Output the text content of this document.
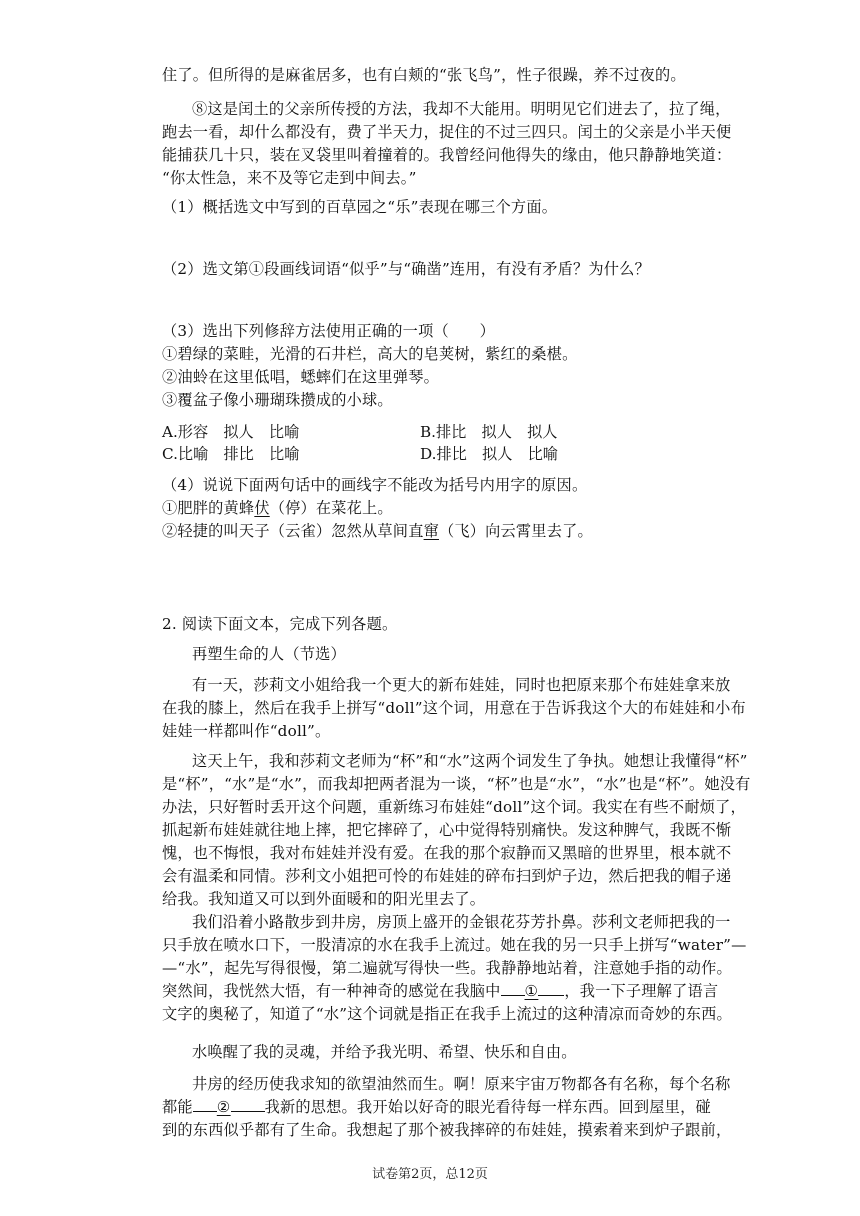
住了。但所得的是麻雀居多，也有白颊的“张飞鸟”，性子很躁，养不过夜的。
⑧这是闰土的父亲所传授的方法，我却不大能用。明明见它们进去了，拉了绳，
跑去一看，却什么都没有，费了半天力，捉住的不过三四只。闰土的父亲是小半天便
能捕获几十只，装在叉袋里叫着撞着的。我曾经问他得失的缘由，他只静静地笑道：
“你太性急，来不及等它走到中间去。”
（1）概括选文中写到的百草园之“乐”表现在哪三个方面。
（2）选文第①段画线词语“似乎”与“确凿”连用，有没有矛盾？为什么？
（3）选出下列修辞方法使用正确的一项（　　）
①碧绿的菜畦，光滑的石井栏，高大的皂荚树，紫红的桑椹。
②油蛉在这里低唱，蟋蟀们在这里弹琴。
③覆盆子像小珊瑚珠攒成的小球。
A.形容　拟人　比喻	B.排比　拟人　拟人
C.比喻　排比　比喻	D.排比　拟人　比喻
（4）说说下面两句话中的画线字不能改为括号内用字的原因。
①肥胖的黄蜂伏（停）在菜花上。
②轻捷的叫天子（云雀）忽然从草间直窜（飞）向云霄里去了。
2. 阅读下面文本，完成下列各题。
再塑生命的人（节选）
有一天，莎莉文小姐给我一个更大的新布娃娃，同时也把原来那个布娃娃拿来放
在我的膝上，然后在我手上拼写“doll”这个词，用意在于告诉我这个大的布娃娃和小布
娃娃一样都叫作“doll”。
这天上午，我和莎莉文老师为“杯”和“水”这两个词发生了争执。她想让我懂得“杯”
是“杯”，“水”是“水”，而我却把两者混为一谈，“杯”也是“水”，“水”也是“杯”。她没有
办法，只好暂时丢开这个问题，重新练习布娃娃“doll”这个词。我实在有些不耐烦了，
抓起新布娃娃就往地上摔，把它摔碎了，心中觉得特别痛快。发这种脾气，我既不惭
愧，也不悔恨，我对布娃娃并没有爱。在我的那个寂静而又黑暗的世界里，根本就不
会有温柔和同情。莎利文小姐把可怜的布娃娃的碎布扫到炉子边，然后把我的帽子递
给我。我知道又可以到外面暖和的阳光里去了。
我们沿着小路散步到井房，房顶上盛开的金银花芬芳扑鼻。莎利文老师把我的一
只手放在喷水口下，一股清凉的水在我手上流过。她在我的另一只手上拼写“water”—
—“水”，起先写得很慢，第二遍就写得快一些。我静静地站着，注意她手指的动作。
突然间，我恍然大悟，有一种神奇的感觉在我脑中 ① ，我一下子理解了语言
文字的奥秘了，知道了“水”这个词就是指正在我手上流过的这种清凉而奇妙的东西。
水唤醒了我的灵魂，并给予我光明、希望、快乐和自由。
井房的经历使我求知的欲望油然而生。啊！原来宇宙万物都各有名称，每个名称
都能 ② 我新的思想。我开始以好奇的眼光看待每一样东西。回到屋里，碰
到的东西似乎都有了生命。我想起了那个被我摔碎的布娃娃，摸索着来到炉子跟前，
试卷第2页，总12页
